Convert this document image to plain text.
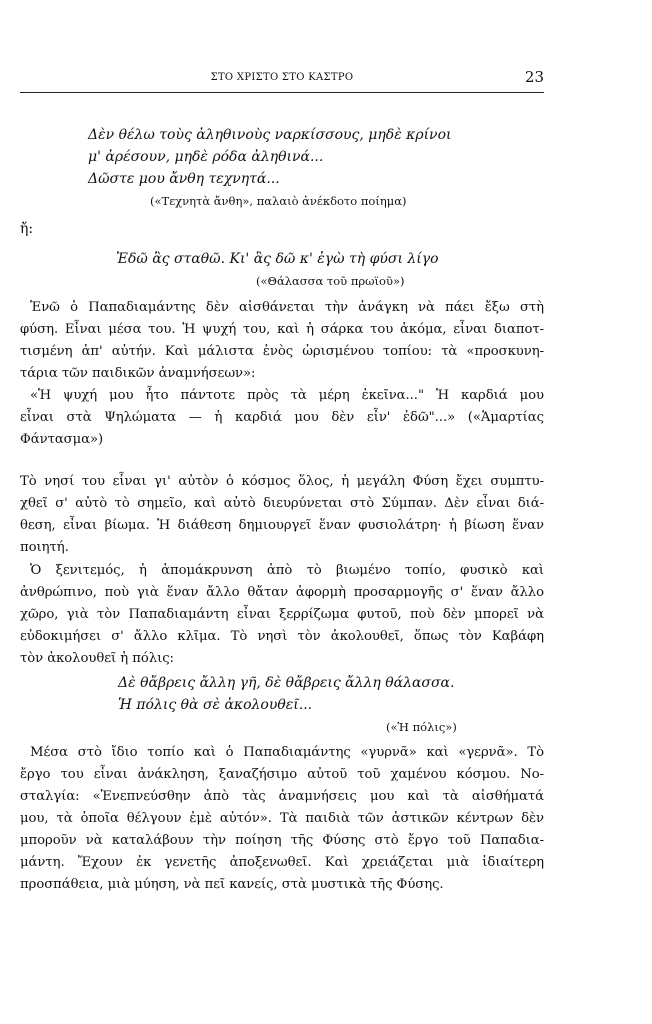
ΣΤΟ ΧΡΙΣΤΟ ΣΤΟ ΚΑΣΤΡΟ	23
Δὲν θέλω τοὺς ἀληθινοὺς ναρκίσσους, μηδὲ κρίνοι
μ' ἀρέσουν, μηδὲ ρόδα ἀληθινά...
Δῶστε μου ἄνθη τεχνητά...
(«Τεχνητὰ ἄνθη», παλαιὸ ἀνέκδοτο ποίημα)
ἤ:
Ἐδῶ ἂς σταθῶ. Κι' ἂς δῶ κ' ἐγὼ τὴ φύσι λίγο
(«Θάλασσα τοῦ πρωϊοῦ»)
Ἐνῶ ὁ Παπαδιαμάντης δὲν αἰσθάνεται τὴν ἀνάγκη νὰ πάει ἔξω στὴ
φύση. Εἶναι μέσα του. Ἡ ψυχή του, καὶ ἡ σάρκα του ἀκόμα, εἶναι διαποτ-
τισμένη ἀπ' αὐτήν. Καὶ μάλιστα ἑνὸς ὡρισμένου τοπίου: τὰ «προσκυνη-
τάρια τῶν παιδικῶν ἀναμνήσεων»:
«Ἡ ψυχή μου ἦτο πάντοτε πρὸς τὰ μέρη ἐκεῖνα..." Ἡ καρδιά μου
εἶναι στὰ Ψηλώματα — ἡ καρδιά μου δὲν εἶν' ἐδῶ"...» («Ἁμαρτίας
Φάντασμα»)
Τὸ νησί του εἶναι γι' αὐτὸν ὁ κόσμος ὅλος, ἡ μεγάλη Φύση ἔχει συμπτυ-
χθεῖ σ' αὐτὸ τὸ σημεῖο, καὶ αὐτὸ διευρύνεται στὸ Σύμπαν. Δὲν εἶναι διά-
θεση, εἶναι βίωμα. Ἡ διάθεση δημιουργεῖ ἕναν φυσιολάτρη· ἡ βίωση ἕναν
ποιητή.
Ὁ ξενιτεμός, ἡ ἀπομάκρυνση ἀπὸ τὸ βιωμένο τοπίο, φυσικὸ καὶ
ἀνθρώπινο, ποὺ γιὰ ἕναν ἄλλο θἄταν ἀφορμὴ προσαρμογῆς σ' ἕναν ἄλλο
χῶρο, γιὰ τὸν Παπαδιαμάντη εἶναι ξερρίζωμα φυτοῦ, ποὺ δὲν μπορεῖ νὰ
εὐδοκιμήσει σ' ἄλλο κλῖμα. Τὸ νησὶ τὸν ἀκολουθεῖ, ὅπως τὸν Καβάφη
τὸν ἀκολουθεῖ ἡ πόλις:
Δὲ θἄβρεις ἄλλη γῆ, δὲ θἄβρεις ἄλλη θάλασσα.
Ἡ πόλις θὰ σὲ ἀκολουθεῖ...
(«Ἡ πόλις»)
Μέσα στὸ ἴδιο τοπίο καὶ ὁ Παπαδιαμάντης «γυρνᾶ» καὶ «γερνᾶ». Τὸ
ἔργο του εἶναι ἀνάκληση, ξαναζήσιμο αὐτοῦ τοῦ χαμένου κόσμου. Νο-
σταλγία: «Ἐνεπνεύσθην ἀπὸ τὰς ἀναμνήσεις μου καὶ τὰ αἰσθήματά
μου, τὰ ὁποῖα θέλγουν ἐμὲ αὐτόν». Τὰ παιδιὰ τῶν ἀστικῶν κέντρων δὲν
μποροῦν νὰ καταλάβουν τὴν ποίηση τῆς Φύσης στὸ ἔργο τοῦ Παπαδια-
μάντη. Ἔχουν ἐκ γενετῆς ἀποξενωθεῖ. Καὶ χρειάζεται μιὰ ἰδιαίτερη
προσπάθεια, μιὰ μύηση, νὰ πεῖ κανείς, στὰ μυστικὰ τῆς Φύσης.
